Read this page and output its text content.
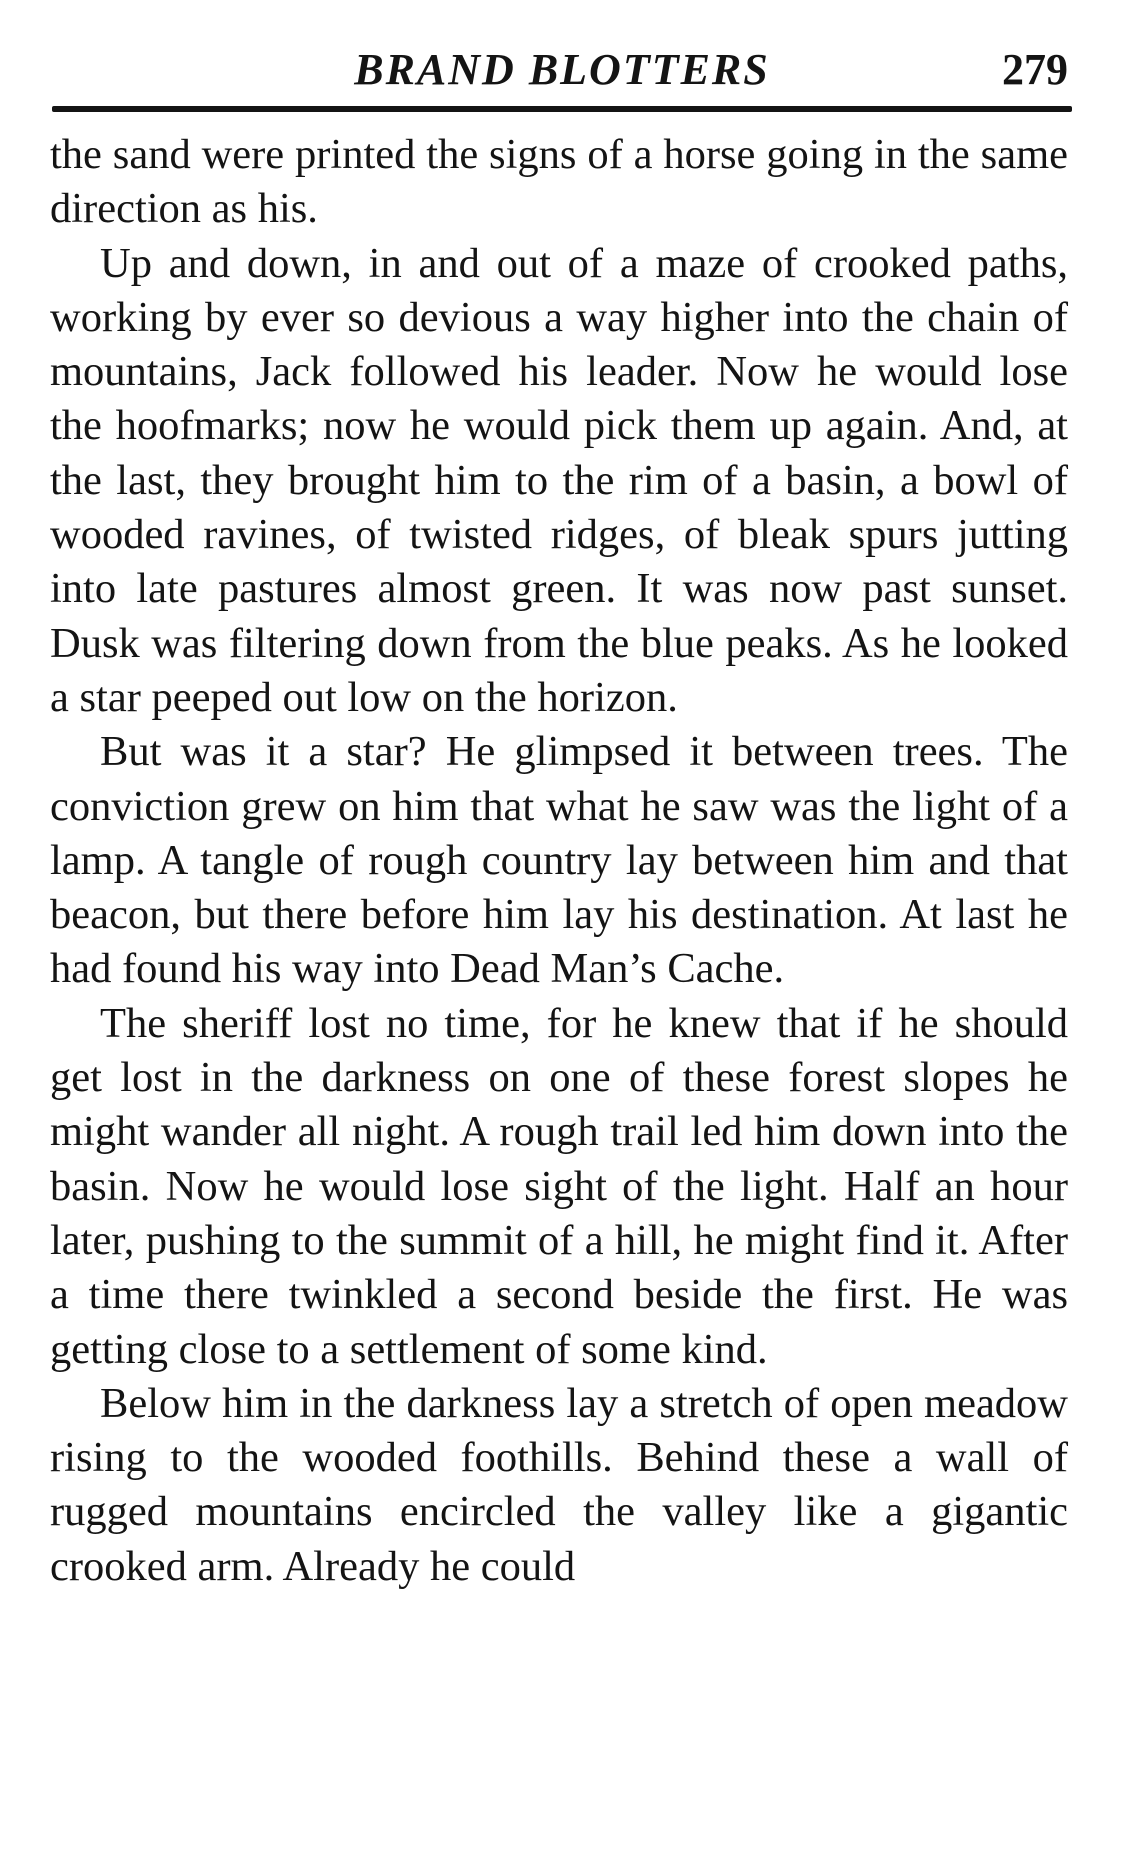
BRAND BLOTTERS	279

the sand were printed the signs of a horse going in the same direction as his.

Up and down, in and out of a maze of crooked paths, working by ever so devious a way higher into the chain of mountains, Jack followed his leader. Now he would lose the hoofmarks; now he would pick them up again. And, at the last, they brought him to the rim of a basin, a bowl of wooded ravines, of twisted ridges, of bleak spurs jutting into late pastures almost green. It was now past sunset. Dusk was filtering down from the blue peaks. As he looked a star peeped out low on the horizon.

But was it a star? He glimpsed it between trees. The conviction grew on him that what he saw was the light of a lamp. A tangle of rough country lay between him and that beacon, but there before him lay his destination. At last he had found his way into Dead Man’s Cache.

The sheriff lost no time, for he knew that if he should get lost in the darkness on one of these forest slopes he might wander all night. A rough trail led him down into the basin. Now he would lose sight of the light. Half an hour later, pushing to the summit of a hill, he might find it. After a time there twinkled a second beside the first. He was getting close to a settlement of some kind.

Below him in the darkness lay a stretch of open meadow rising to the wooded foothills. Behind these a wall of rugged mountains encircled the valley like a gigantic crooked arm. Already he could
